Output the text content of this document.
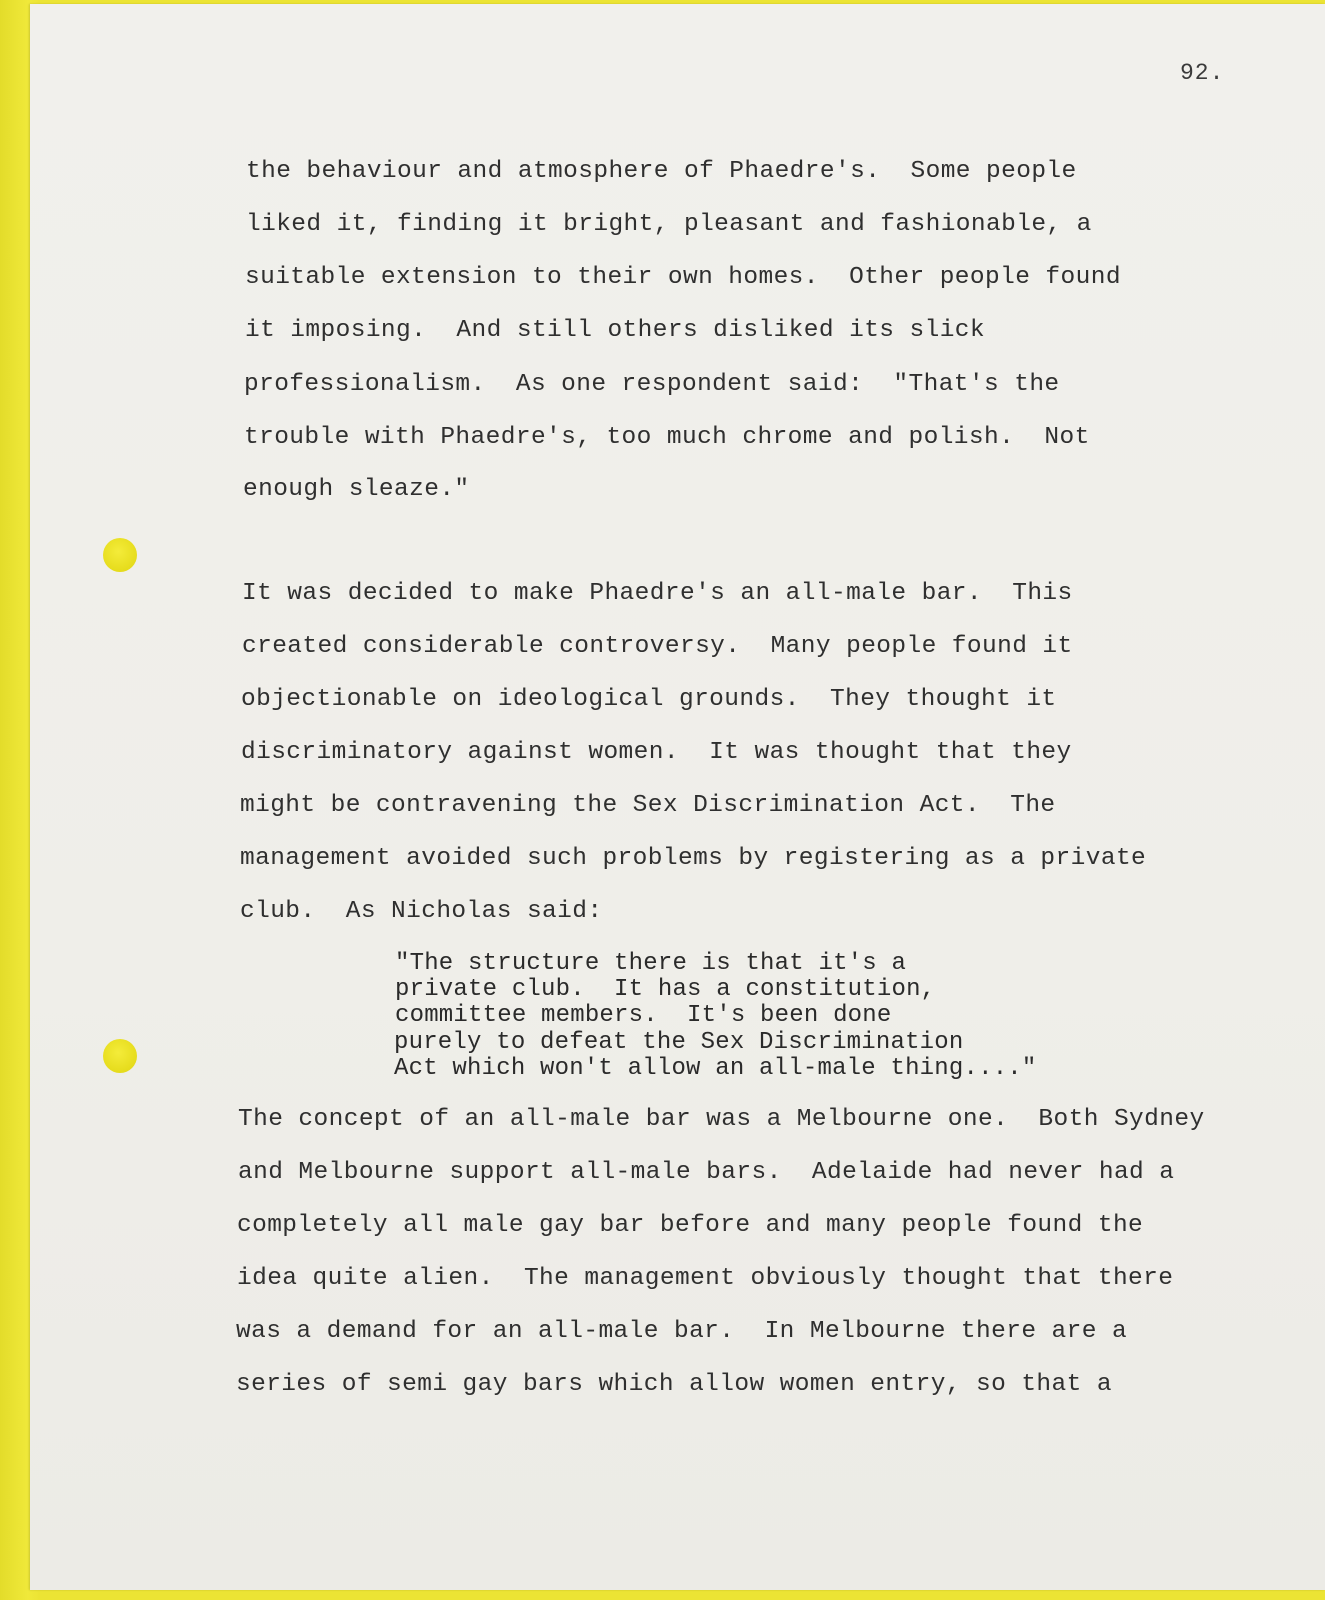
92.
the behaviour and atmosphere of Phaedre's.  Some people
liked it, finding it bright, pleasant and fashionable, a
suitable extension to their own homes.  Other people found
it imposing.  And still others disliked its slick
professionalism.  As one respondent said:  "That's the
trouble with Phaedre's, too much chrome and polish.  Not
enough sleaze."
It was decided to make Phaedre's an all-male bar.  This
created considerable controversy.  Many people found it
objectionable on ideological grounds.  They thought it
discriminatory against women.  It was thought that they
might be contravening the Sex Discrimination Act.  The
management avoided such problems by registering as a private
club.  As Nicholas said:
"The structure there is that it's a
private club.  It has a constitution,
committee members.  It's been done
purely to defeat the Sex Discrimination
Act which won't allow an all-male thing...."
The concept of an all-male bar was a Melbourne one.  Both Sydney
and Melbourne support all-male bars.  Adelaide had never had a
completely all male gay bar before and many people found the
idea quite alien.  The management obviously thought that there
was a demand for an all-male bar.  In Melbourne there are a
series of semi gay bars which allow women entry, so that a
